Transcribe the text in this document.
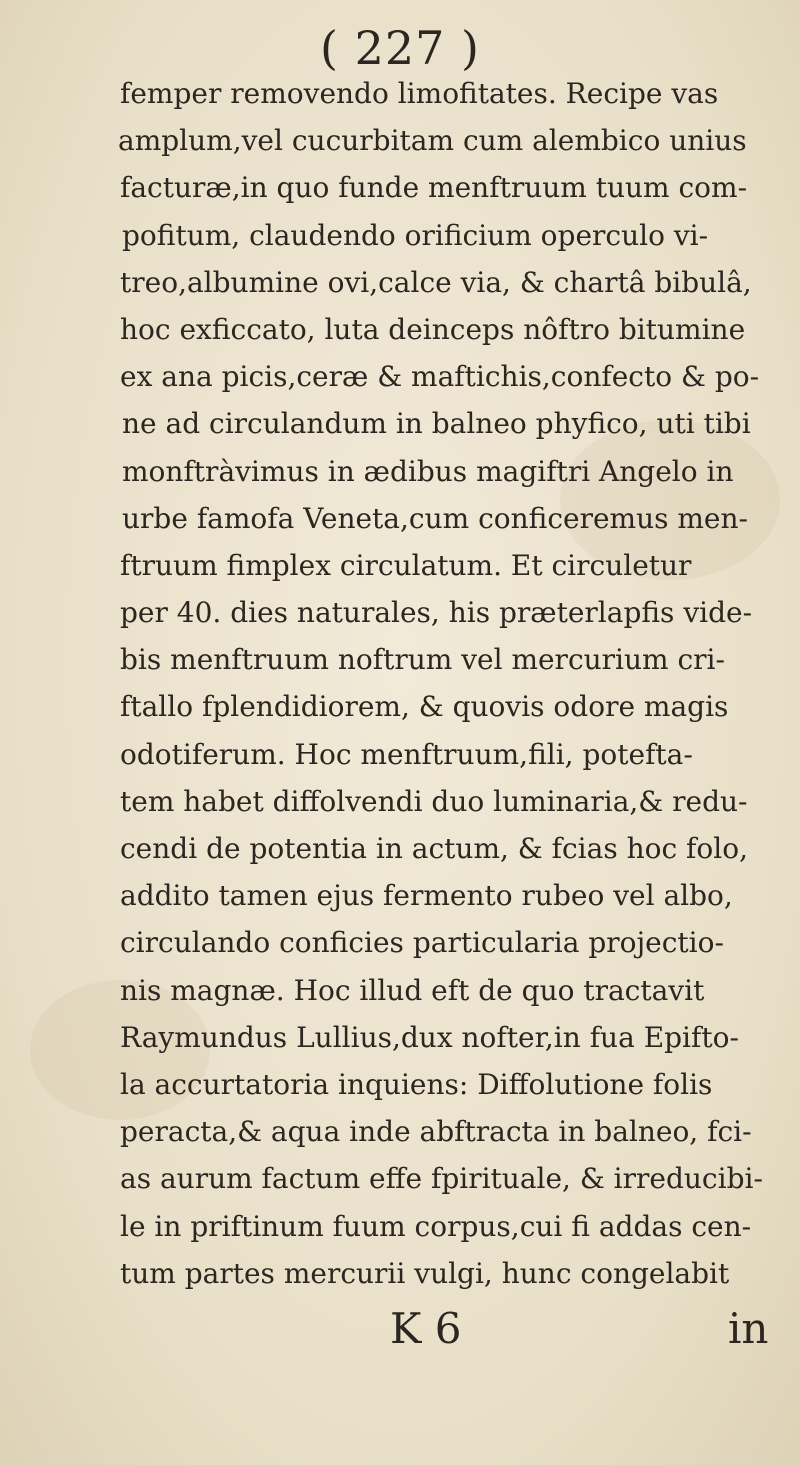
( 227 )
femper removendo limofitates. Recipe vas
amplum,vel cucurbitam cum alembico unius
facturæ,in quo funde menftruum tuum com-
pofitum, claudendo orificium operculo vi-
treo,albumine ovi,calce via, & chartâ bibulâ,
hoc exficcato, luta deinceps nôftro bitumine
ex ana picis,ceræ & maftichis,confecto & po-
ne ad circulandum in balneo phyfico, uti tibi
monftràvimus in ædibus magiftri Angelo in
urbe famofa Veneta,cum conficeremus men-
ftruum fimplex circulatum. Et circuletur
per 40. dies naturales, his præterlapfis vide-
bis menftruum noftrum vel mercurium cri-
ftallo fplendidiorem, & quovis odore magis
odotiferum. Hoc menftruum,fili, potefta-
tem habet diffolvendi duo luminaria,& redu-
cendi de potentia in actum, & fcias hoc folo,
addito tamen ejus fermento rubeo vel albo,
circulando conficies particularia projectio-
nis magnæ. Hoc illud eft de quo tractavit
Raymundus Lullius,dux nofter,in fua Epifto-
la accurtatoria inquiens: Diffolutione folis
peracta,& aqua inde abftracta in balneo, fci-
as aurum factum effe fpirituale, & irreducibi-
le in priftinum fuum corpus,cui fi addas cen-
tum partes mercurii vulgi, hunc congelabit
K 6	in
